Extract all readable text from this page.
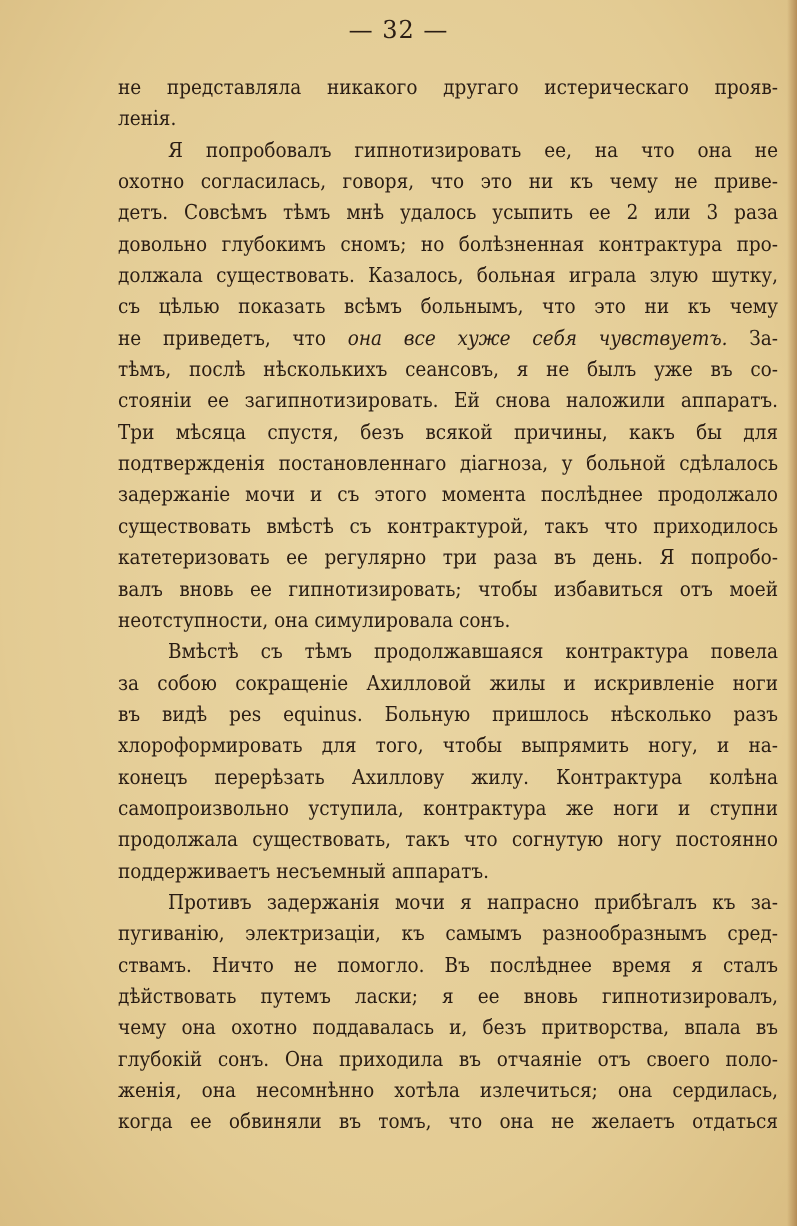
— 32 —
не представляла никакого другаго истерическаго прояв-
ленія.
Я попробовалъ гипнотизировать ее, на что она не
охотно согласилась, говоря, что это ни къ чему не приве-
детъ. Совсѣмъ тѣмъ мнѣ удалось усыпить ее 2 или 3 раза
довольно глубокимъ сномъ; но болѣзненная контрактура про-
должала существовать. Казалось, больная играла злую шутку,
съ цѣлью показать всѣмъ больнымъ, что это ни къ чему
не приведетъ, что она все хуже себя чувствуетъ. За-
тѣмъ, послѣ нѣсколькихъ сеансовъ, я не былъ уже въ со-
стояніи ее загипнотизировать. Ей снова наложили аппаратъ.
Три мѣсяца спустя, безъ всякой причины, какъ бы для
подтвержденія постановленнаго діагноза, у больной сдѣлалось
задержаніе мочи и съ этого момента послѣднее продолжало
существовать вмѣстѣ съ контрактурой, такъ что приходилось
катетеризовать ее регулярно три раза въ день. Я попробо-
валъ вновь ее гипнотизировать; чтобы избавиться отъ моей
неотступности, она симулировала сонъ.
Вмѣстѣ съ тѣмъ продолжавшаяся контрактура повела
за собою сокращеніе Ахилловой жилы и искривленіе ноги
въ видѣ pes equinus. Больную пришлось нѣсколько разъ
хлороформировать для того, чтобы выпрямить ногу, и на-
конецъ перерѣзать Ахиллову жилу. Контрактура колѣна
самопроизвольно уступила, контрактура же ноги и ступни
продолжала существовать, такъ что согнутую ногу постоянно
поддерживаетъ несъемный аппаратъ.
Противъ задержанія мочи я напрасно прибѣгалъ къ за-
пугиванію, электризаціи, къ самымъ разнообразнымъ сред-
ствамъ. Ничто не помогло. Въ послѣднее время я сталъ
дѣйствовать путемъ ласки; я ее вновь гипнотизировалъ,
чему она охотно поддавалась и, безъ притворства, впала въ
глубокій сонъ. Она приходила въ отчаяніе отъ своего поло-
женія, она несомнѣнно хотѣла излечиться; она сердилась,
когда ее обвиняли въ томъ, что она не желаетъ отдаться
